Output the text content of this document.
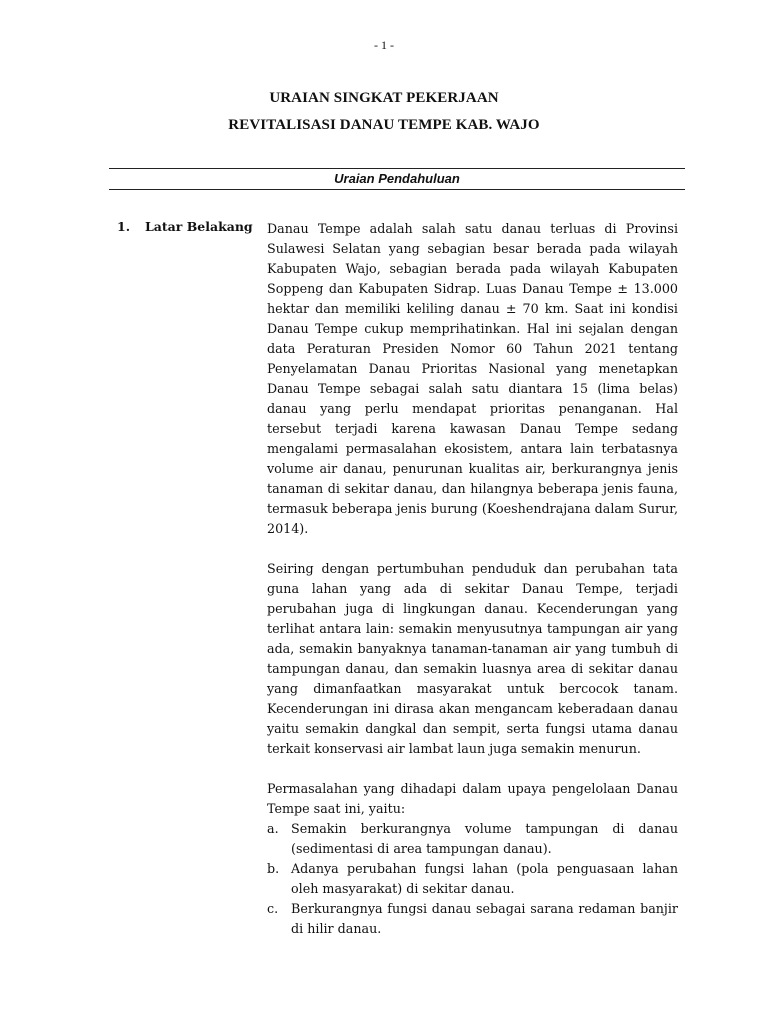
- 1 -
URAIAN SINGKAT PEKERJAAN
REVITALISASI DANAU TEMPE KAB. WAJO
Uraian Pendahuluan
1. Latar Belakang Danau Tempe adalah salah satu danau terluas di Provinsi Sulawesi Selatan yang sebagian besar berada pada wilayah Kabupaten Wajo, sebagian berada pada wilayah Kabupaten Soppeng dan Kabupaten Sidrap. Luas Danau Tempe ± 13.000 hektar dan memiliki keliling danau ± 70 km. Saat ini kondisi Danau Tempe cukup memprihatinkan. Hal ini sejalan dengan data Peraturan Presiden Nomor 60 Tahun 2021 tentang Penyelamatan Danau Prioritas Nasional yang menetapkan Danau Tempe sebagai salah satu diantara 15 (lima belas) danau yang perlu mendapat prioritas penanganan. Hal tersebut terjadi karena kawasan Danau Tempe sedang mengalami permasalahan ekosistem, antara lain terbatasnya volume air danau, penurunan kualitas air, berkurangnya jenis tanaman di sekitar danau, dan hilangnya beberapa jenis fauna, termasuk beberapa jenis burung (Koeshendrajana dalam Surur, 2014).

Seiring dengan pertumbuhan penduduk dan perubahan tata guna lahan yang ada di sekitar Danau Tempe, terjadi perubahan juga di lingkungan danau. Kecenderungan yang terlihat antara lain: semakin menyusutnya tampungan air yang ada, semakin banyaknya tanaman-tanaman air yang tumbuh di tampungan danau, dan semakin luasnya area di sekitar danau yang dimanfaatkan masyarakat untuk bercocok tanam. Kecenderungan ini dirasa akan mengancam keberadaan danau yaitu semakin dangkal dan sempit, serta fungsi utama danau terkait konservasi air lambat laun juga semakin menurun.

Permasalahan yang dihadapi dalam upaya pengelolaan Danau Tempe saat ini, yaitu:

a. Semakin berkurangnya volume tampungan di danau (sedimentasi di area tampungan danau).
b. Adanya perubahan fungsi lahan (pola penguasaan lahan oleh masyarakat) di sekitar danau.
c.	Berkurangnya fungsi danau sebagai sarana redaman banjir di hilir danau.
